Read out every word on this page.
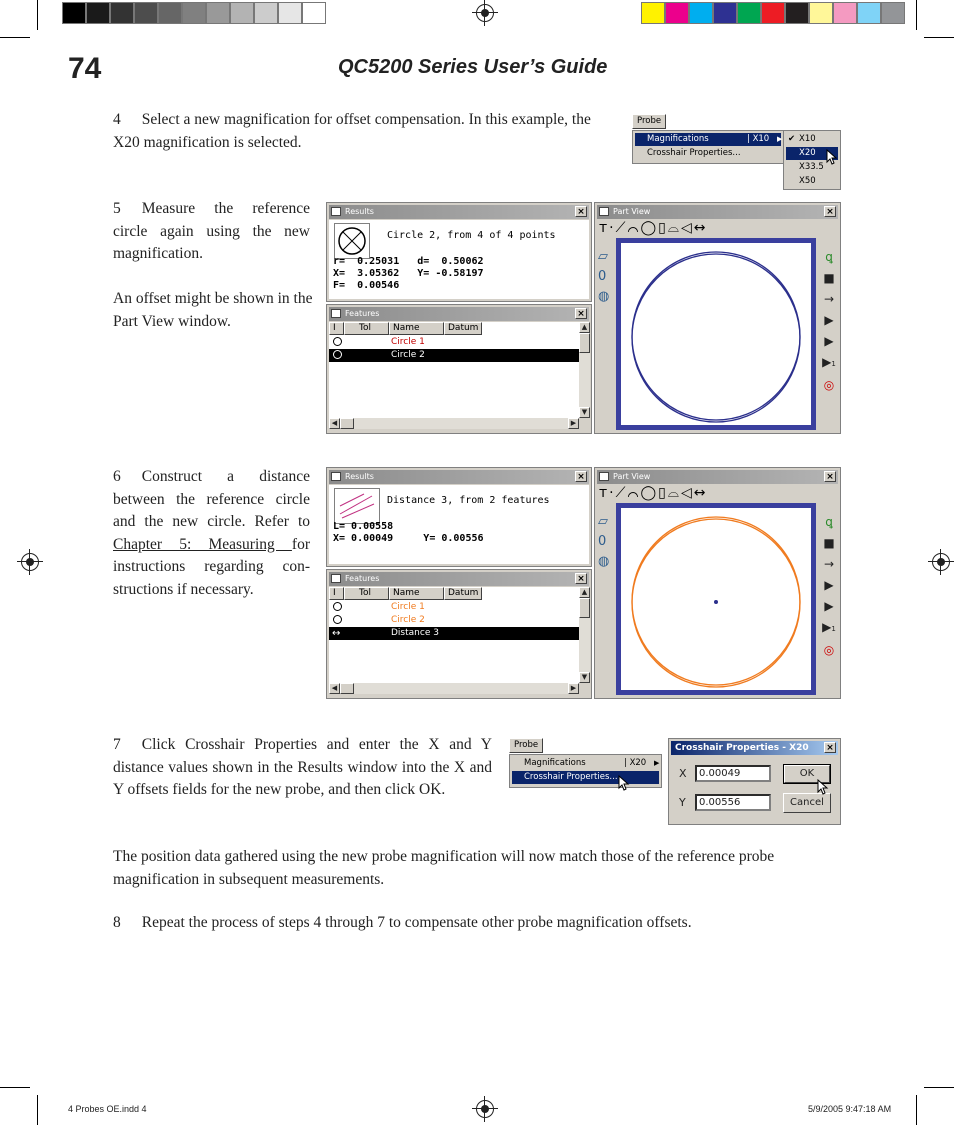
74	QC5200 Series User’s Guide
4 Select a new magnification for offset compensation. In this example, the X20 magnification is selected.
Probe
Magnifications	| X10 ▶
Crosshair Properties...
✔ X10
X20
X33.5
X50
5 Measure the reference circle again using the new magnification.
An offset might be shown in the Part View window.
Results	×
Circle 2, from 4 of 4 points
r=  0.25031   d=  0.50062
X=  3.05362   Y= -0.58197
F=  0.00546
Features	×
I	Tol	Name	Datum
Circle 1
Circle 2
▲
▼
◀	▶
Part View	×
ᴛ·⟋⌒◯▯⌓◁↔
▱
0
◍
ꝗ
■
→
▶
▶
▶1
◎
6 Construct a distance between the reference circle and the new circle. Refer to Chapter 5: Measuring for instructions regarding con-structions if necessary.
Results	×
Distance 3, from 2 features
L= 0.00558
X= 0.00049     Y= 0.00556
Features	×
I	Tol	Name	Datum
Circle 1
Circle 2
↔	Distance 3
▲
▼
◀	▶
Part View	×
ᴛ·⟋⌒◯▯⌓◁↔
▱
0
◍
ꝗ
■
→
▶
▶
▶1
◎
7 Click Crosshair Properties and enter the X and Y distance values shown in the Results window into the X and Y offsets fields for the new probe, and then click OK.
Probe
Magnifications	| X20 ▶
Crosshair Properties...
Crosshair Properties - X20 ×
X	0.00049
Y	0.00556
OK
Cancel
The position data gathered using the new probe magnification will now match those of the reference probe magnification in subsequent measurements.
8 Repeat the process of steps 4 through 7 to compensate other probe magnification offsets.
4 Probes OE.indd 4	5/9/2005 9:47:18 AM
